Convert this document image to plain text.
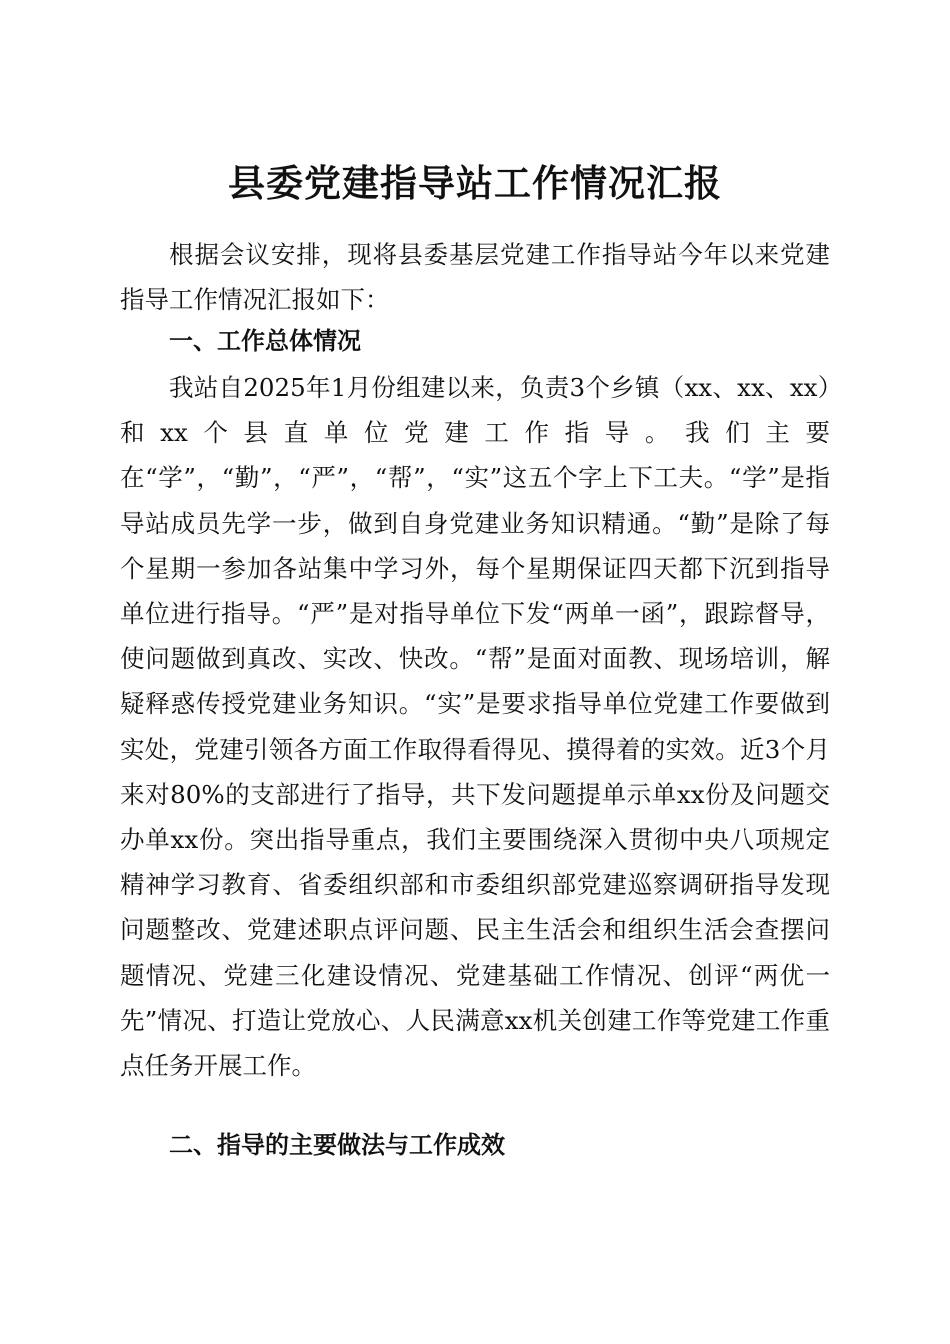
县委党建指导站工作情况汇报

根据会议安排，现将县委基层党建工作指导站今年以来党建指导工作情况汇报如下：

一、工作总体情况

我站自2025年1月份组建以来，负责3个乡镇（xx、xx、xx）和xx个县直单位党建工作指导。我们主要在“学”，“勤”，“严”，“帮”，“实”这五个字上下工夫。“学”是指导站成员先学一步，做到自身党建业务知识精通。“勤”是除了每个星期一参加各站集中学习外，每个星期保证四天都下沉到指导单位进行指导。“严”是对指导单位下发“两单一函”，跟踪督导，使问题做到真改、实改、快改。“帮”是面对面教、现场培训，解疑释惑传授党建业务知识。“实”是要求指导单位党建工作要做到实处，党建引领各方面工作取得看得见、摸得着的实效。近3个月来对80%的支部进行了指导，共下发问题提单示单xx份及问题交办单xx份。突出指导重点，我们主要围绕深入贯彻中央八项规定精神学习教育、省委组织部和市委组织部党建巡察调研指导发现问题整改、党建述职点评问题、民主生活会和组织生活会查摆问题情况、党建三化建设情况、党建基础工作情况、创评“两优一先”情况、打造让党放心、人民满意xx机关创建工作等党建工作重点任务开展工作。

二、指导的主要做法与工作成效
